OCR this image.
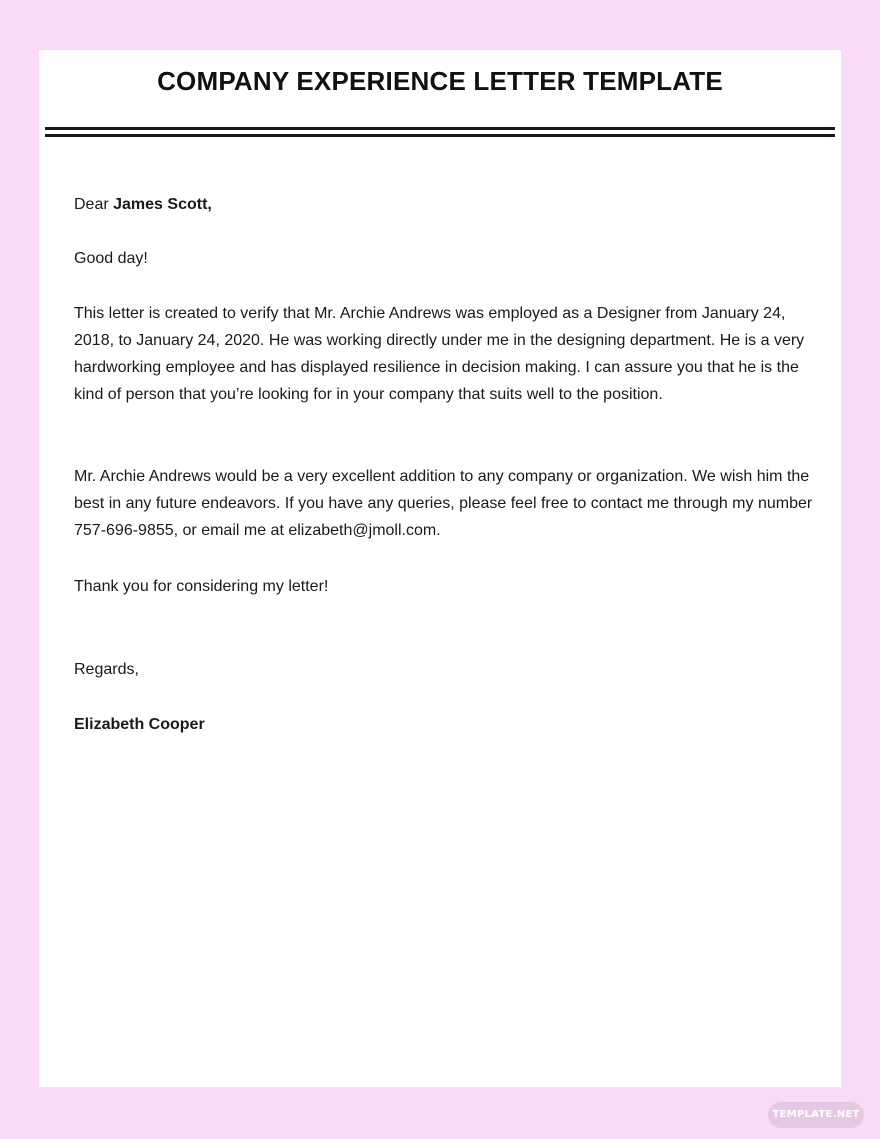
COMPANY EXPERIENCE LETTER TEMPLATE
Dear James Scott,
Good day!
This letter is created to verify that Mr. Archie Andrews was employed as a Designer from January 24, 2018, to January 24, 2020. He was working directly under me in the designing department. He is a very hardworking employee and has displayed resilience in decision making. I can assure you that he is the kind of person that you’re looking for in your company that suits well to the position.
Mr. Archie Andrews would be a very excellent addition to any company or organization. We wish him the best in any future endeavors. If you have any queries, please feel free to contact me through my number 757-696-9855, or email me at elizabeth@jmoll.com.
Thank you for considering my letter!
Regards,
Elizabeth Cooper
TEMPLATE.NET
